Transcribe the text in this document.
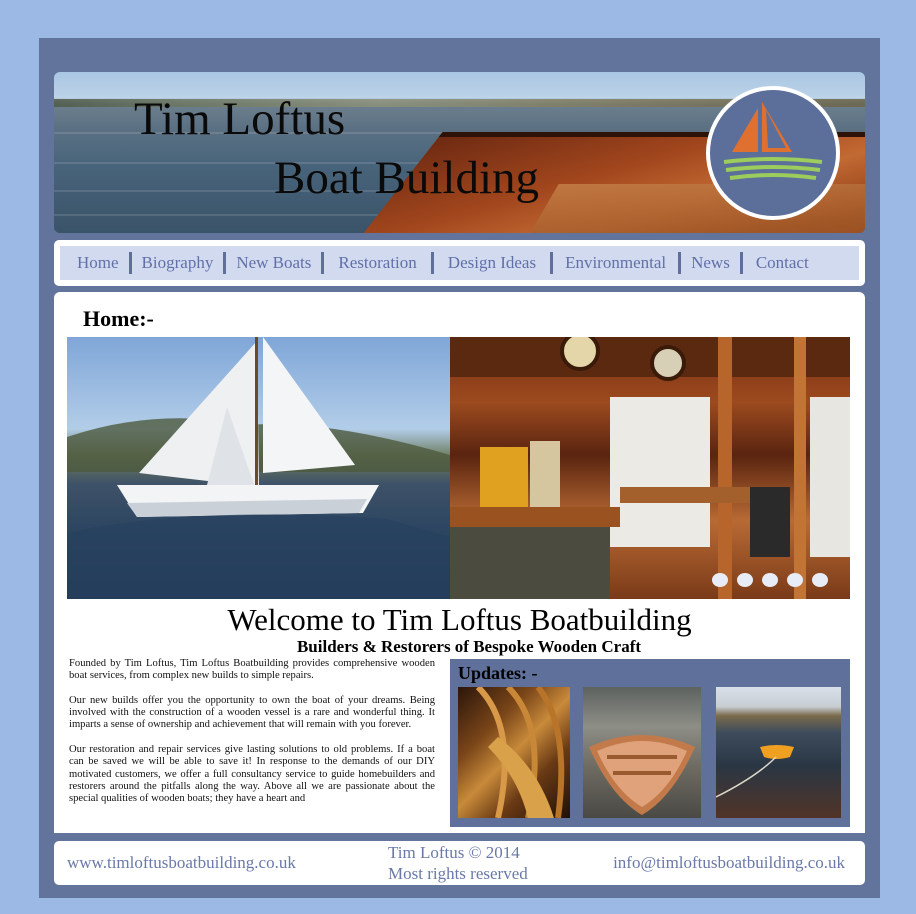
Tim Loftus
Boat Building
Home	Biography	New Boats	Restoration	Design Ideas	Environmental	News	Contact
Home:-
Welcome to Tim Loftus Boatbuilding
Builders & Restorers of Bespoke Wooden Craft

Founded by Tim Loftus, Tim Loftus Boatbuilding provides comprehensive wooden boat services, from complex new builds to simple repairs.

Our new builds offer you the opportunity to own the boat of your dreams. Being involved with the construction of a wooden vessel is a rare and wonderful thing. It imparts a sense of ownership and achievement that will remain with you forever.

Our restoration and repair services give lasting solutions to old problems. If a boat can be saved we will be able to save it! In response to the demands of our DIY motivated customers, we offer a full consultancy service to guide homebuilders and restorers around the pitfalls along the way. Above all we are passionate about the special qualities of wooden boats; they have a heart and

Updates: -
www.timloftusboatbuilding.co.uk
Tim Loftus © 2014
Most rights reserved
info@timloftusboatbuilding.co.uk
